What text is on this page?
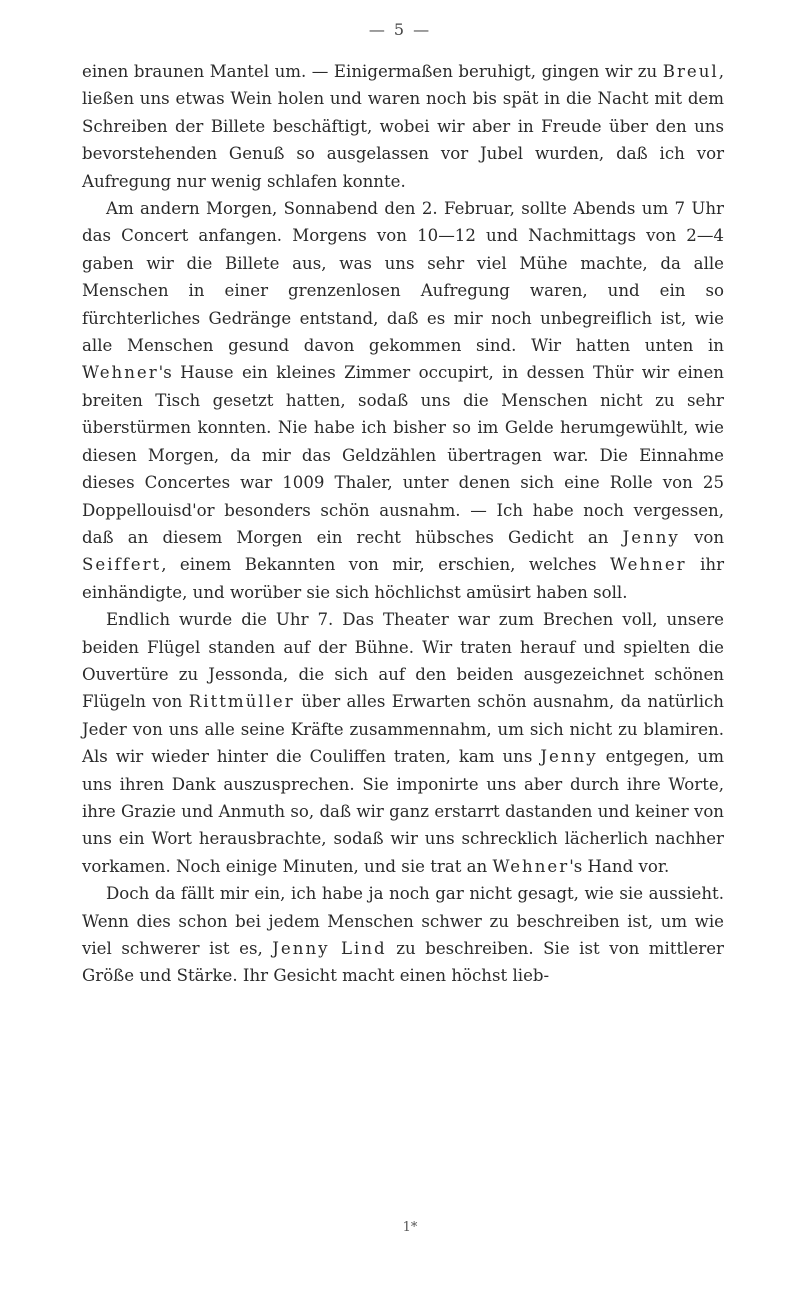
— 5 —

einen braunen Mantel um. — Einigermaßen beruhigt, gingen wir zu Breul, ließen uns etwas Wein holen und waren noch bis spät in die Nacht mit dem Schreiben der Billete beschäftigt, wobei wir aber in Freude über den uns bevorstehenden Genuß so ausgelassen vor Jubel wurden, daß ich vor Aufregung nur wenig schlafen konnte.

Am andern Morgen, Sonnabend den 2. Februar, sollte Abends um 7 Uhr das Concert anfangen. Morgens von 10—12 und Nachmittags von 2—4 gaben wir die Billete aus, was uns sehr viel Mühe machte, da alle Menschen in einer grenzenlosen Aufregung waren, und ein so fürchterliches Gedränge entstand, daß es mir noch unbegreiflich ist, wie alle Menschen gesund davon gekommen sind. Wir hatten unten in Wehner's Hause ein kleines Zimmer occupirt, in dessen Thür wir einen breiten Tisch gesetzt hatten, sodaß uns die Menschen nicht zu sehr überstürmen konnten. Nie habe ich bisher so im Gelde herumgewühlt, wie diesen Morgen, da mir das Geldzählen übertragen war. Die Einnahme dieses Concertes war 1009 Thaler, unter denen sich eine Rolle von 25 Doppellouisd'or besonders schön ausnahm. — Ich habe noch vergessen, daß an diesem Morgen ein recht hübsches Gedicht an Jenny von Seiffert, einem Bekannten von mir, erschien, welches Wehner ihr einhändigte, und worüber sie sich höchlichst amüsirt haben soll.

Endlich wurde die Uhr 7. Das Theater war zum Brechen voll, unsere beiden Flügel standen auf der Bühne. Wir traten herauf und spielten die Ouvertüre zu Jessonda, die sich auf den beiden ausgezeichnet schönen Flügeln von Rittmüller über alles Erwarten schön ausnahm, da natürlich Jeder von uns alle seine Kräfte zusammennahm, um sich nicht zu blamiren. Als wir wieder hinter die Couliffen traten, kam uns Jenny entgegen, um uns ihren Dank auszusprechen. Sie imponirte uns aber durch ihre Worte, ihre Grazie und Anmuth so, daß wir ganz erstarrt dastanden und keiner von uns ein Wort herausbrachte, sodaß wir uns schrecklich lächerlich nachher vorkamen. Noch einige Minuten, und sie trat an Wehner's Hand vor.

Doch da fällt mir ein, ich habe ja noch gar nicht gesagt, wie sie aussieht. Wenn dies schon bei jedem Menschen schwer zu beschreiben ist, um wie viel schwerer ist es, Jenny Lind zu beschreiben. Sie ist von mittlerer Größe und Stärke. Ihr Gesicht macht einen höchst lieb-

1*
